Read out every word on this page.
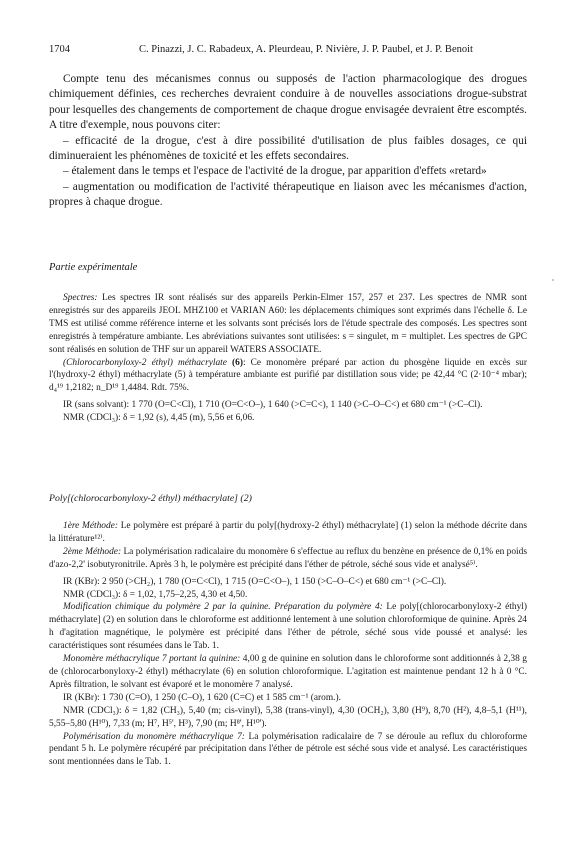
1704	C. Pinazzi, J. C. Rabadeux, A. Pleurdeau, P. Nivière, J. P. Paubel, et J. P. Benoit

Compte tenu des mécanismes connus ou supposés de l'action pharmacologique des drogues chimiquement définies, ces recherches devraient conduire à de nouvelles associations drogue-substrat pour lesquelles des changements de comportement de chaque drogue envisagée devraient être escomptés. A titre d'exemple, nous pouvons citer:

– efficacité de la drogue, c'est à dire possibilité d'utilisation de plus faibles dosages, ce qui diminueraient les phénomènes de toxicité et les effets secondaires.

– étalement dans le temps et l'espace de l'activité de la drogue, par apparition d'effets «retard»

– augmentation ou modification de l'activité thérapeutique en liaison avec les mécanismes d'action, propres à chaque drogue.

Partie expérimentale

Spectres: Les spectres IR sont réalisés sur des appareils Perkin-Elmer 157, 257 et 237. Les spectres de NMR sont enregistrés sur des appareils JEOL MHZ100 et VARIAN A60: les déplacements chimiques sont exprimés dans l'échelle δ. Le TMS est utilisé comme référence interne et les solvants sont précisés lors de l'étude spectrale des composés. Les spectres sont enregistrés à température ambiante. Les abréviations suivantes sont utilisées: s = singulet, m = multiplet. Les spectres de GPC sont réalisés en solution de THF sur un appareil WATERS ASSOCIATE.

(Chlorocarbonyloxy-2 éthyl) méthacrylate (6): Ce monomère préparé par action du phosgène liquide en excès sur l'(hydroxy-2 éthyl) méthacrylate (5) à température ambiante est purifié par distillation sous vide; pe 42,44 °C (2·10⁻⁴ mbar); d₄¹⁹ 1,2182; n_D¹⁹ 1,4484. Rdt. 75%.

IR (sans solvant): 1 770 (O=C<Cl), 1 710 (O=C<O–), 1 640 (>C=C<), 1 140 (>C–O–C<) et 680 cm⁻¹ (>C–Cl).

NMR (CDCl₃): δ = 1,92 (s), 4,45 (m), 5,56 et 6,06.

Poly[(chlorocarbonyloxy-2 éthyl) méthacrylate] (2)

1ère Méthode: Le polymère est préparé à partir du poly[(hydroxy-2 éthyl) méthacrylate] (1) selon la méthode décrite dans la littérature¹²⁾.

2ème Méthode: La polymérisation radicalaire du monomère 6 s'effectue au reflux du benzène en présence de 0,1% en poids d'azo-2,2' isobutyronitrile. Après 3 h, le polymère est précipité dans l'éther de pétrole, séché sous vide et analysé⁵⁾.

IR (KBr): 2 950 (>CH₂), 1 780 (O=C<Cl), 1 715 (O=C<O–), 1 150 (>C–O–C<) et 680 cm⁻¹ (>C–Cl).

NMR (CDCl₃): δ = 1,02, 1,75–2,25, 4,30 et 4,50.

Modification chimique du polymère 2 par la quinine. Préparation du polymère 4: Le poly[(chlorocarbonyloxy-2 éthyl) méthacrylate] (2) en solution dans le chloroforme est additionné lentement à une solution chloroformique de quinine. Après 24 h d'agitation magnétique, le polymère est précipité dans l'éther de pétrole, séché sous vide poussé et analysé: les caractéristiques sont résumées dans le Tab. 1.

Monomère méthacrylique 7 portant la quinine: 4,00 g de quinine en solution dans le chloroforme sont additionnés à 2,38 g de (chlorocarbonyloxy-2 éthyl) méthacrylate (6) en solution chloroformique. L'agitation est maintenue pendant 12 h à 0 °C. Après filtration, le solvant est évaporé et le monomère 7 analysé.

IR (KBr): 1 730 (C=O), 1 250 (C–O), 1 620 (C=C) et 1 585 cm⁻¹ (arom.).

NMR (CDCl₃): δ = 1,82 (CH₃), 5,40 (m; cis-vinyl), 5,38 (trans-vinyl), 4,30 (OCH₂), 3,80 (H⁹), 8,70 (H²), 4,8–5,1 (H¹¹), 5,55–5,80 (H¹⁰), 7,33 (m; H⁷, H⁵', H³), 7,90 (m; H⁸', H¹⁰').

Polymérisation du monomère méthacrylique 7: La polymérisation radicalaire de 7 se déroule au reflux du chloroforme pendant 5 h. Le polymère récupéré par précipitation dans l'éther de pétrole est séché sous vide et analysé. Les caractéristiques sont mentionnées dans le Tab. 1.
